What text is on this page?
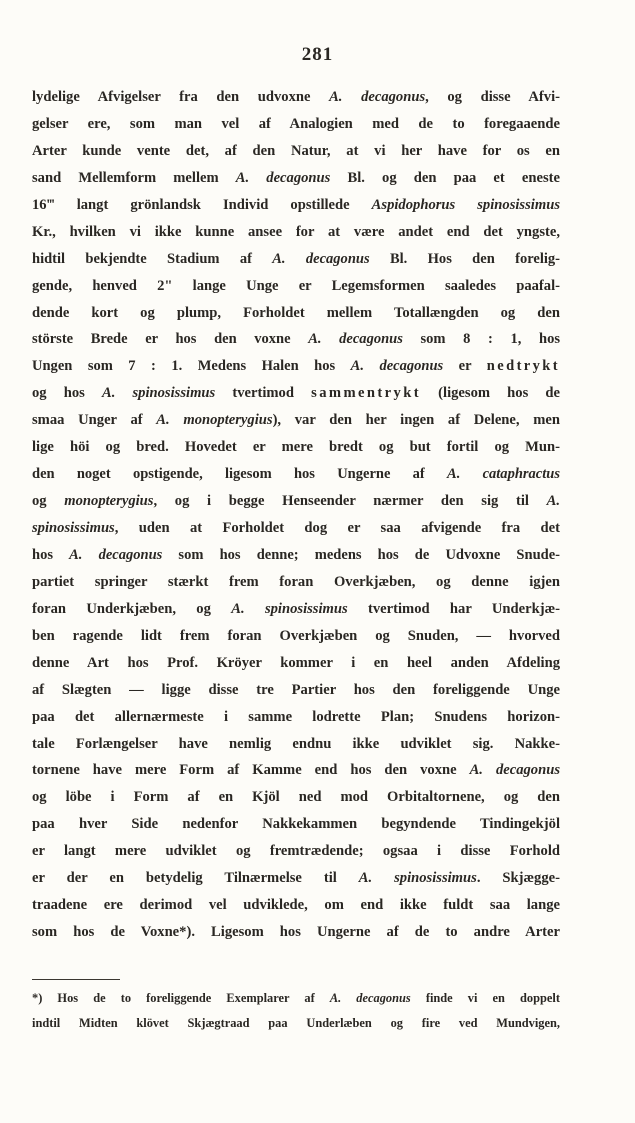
281
lydelige Afvigelser fra den udvoxne A. decagonus, og disse Afvi-
gelser ere, som man vel af Analogien med de to foregaaende
Arter kunde vente det, af den Natur, at vi her have for os en
sand Mellemform mellem A. decagonus Bl. og den paa et eneste
16‴ langt grönlandsk Individ opstillede Aspidophorus spinosissimus
Kr., hvilken vi ikke kunne ansee for at være andet end det yngste,
hidtil bekjendte Stadium af A. decagonus Bl. Hos den forelig-
gende, henved 2" lange Unge er Legemsformen saaledes paafal-
dende kort og plump, Forholdet mellem Totallængden og den
störste Brede er hos den voxne A. decagonus som 8 : 1, hos
Ungen som 7 : 1. Medens Halen hos A. decagonus er nedtrykt
og hos A. spinosissimus tvertimod sammentrykt (ligesom hos de
smaa Unger af A. monopterygius), var den her ingen af Delene, men
lige höi og bred. Hovedet er mere bredt og but fortil og Mun-
den noget opstigende, ligesom hos Ungerne af A. cataphractus
og monopterygius, og i begge Henseender nærmer den sig til A.
spinosissimus, uden at Forholdet dog er saa afvigende fra det
hos A. decagonus som hos denne; medens hos de Udvoxne Snude-
partiet springer stærkt frem foran Overkjæben, og denne igjen
foran Underkjæben, og A. spinosissimus tvertimod har Underkjæ-
ben ragende lidt frem foran Overkjæben og Snuden, — hvorved
denne Art hos Prof. Kröyer kommer i en heel anden Afdeling
af Slægten — ligge disse tre Partier hos den foreliggende Unge
paa det allernærmeste i samme lodrette Plan; Snudens horizon-
tale Forlængelser have nemlig endnu ikke udviklet sig. Nakke-
tornene have mere Form af Kamme end hos den voxne A. decagonus
og löbe i Form af en Kjöl ned mod Orbitaltornene, og den
paa hver Side nedenfor Nakkekammen begyndende Tindingekjöl
er langt mere udviklet og fremtrædende; ogsaa i disse Forhold
er der en betydelig Tilnærmelse til A. spinosissimus. Skjægge-
traadene ere derimod vel udviklede, om end ikke fuldt saa lange
som hos de Voxne*). Ligesom hos Ungerne af de to andre Arter
*) Hos de to foreliggende Exemplarer af A. decagonus finde vi en doppelt
indtil Midten klövet Skjægtraad paa Underlæben og fire ved Mundvigen,
